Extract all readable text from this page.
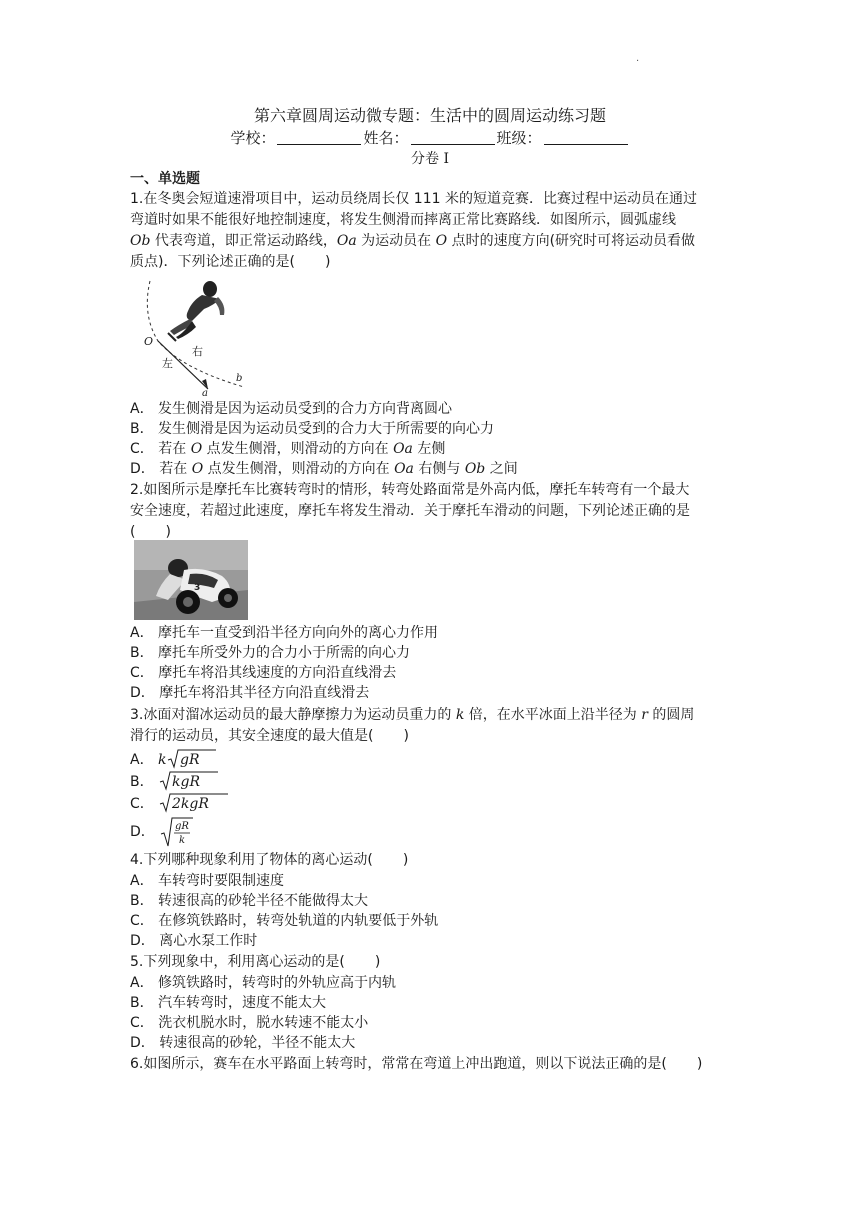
·
第六章圆周运动微专题：生活中的圆周运动练习题
学校：	姓名：	班级：
分卷 I
一、单选题
1.在冬奥会短道速滑项目中，运动员绕周长仅 111 米的短道竞赛．比赛过程中运动员在通过
弯道时如果不能很好地控制速度，将发生侧滑而摔离正常比赛路线．如图所示，圆弧虚线
Ob 代表弯道，即正常运动路线，Oa 为运动员在 O 点时的速度方向(研究时可将运动员看做
质点)．下列论述正确的是( )
O
左
右
a
b
A． 发生侧滑是因为运动员受到的合力方向背离圆心
B． 发生侧滑是因为运动员受到的合力大于所需要的向心力
C． 若在 O 点发生侧滑，则滑动的方向在 Oa 左侧
D． 若在 O 点发生侧滑，则滑动的方向在 Oa 右侧与 Ob 之间
2.如图所示是摩托车比赛转弯时的情形，转弯处路面常是外高内低，摩托车转弯有一个最大
安全速度，若超过此速度，摩托车将发生滑动．关于摩托车滑动的问题，下列论述正确的是
( )
3
A． 摩托车一直受到沿半径方向向外的离心力作用
B． 摩托车所受外力的合力小于所需的向心力
C． 摩托车将沿其线速度的方向沿直线滑去
D． 摩托车将沿其半径方向沿直线滑去
3.冰面对溜冰运动员的最大静摩擦力为运动员重力的 k 倍，在水平冰面上沿半径为 r 的圆周
滑行的运动员，其安全速度的最大值是( )
A． k gR
B． kgR
C． 2kgR
D． gR
k
4.下列哪种现象利用了物体的离心运动( )
A． 车转弯时要限制速度
B． 转速很高的砂轮半径不能做得太大
C． 在修筑铁路时，转弯处轨道的内轨要低于外轨
D． 离心水泵工作时
5.下列现象中，利用离心运动的是( )
A． 修筑铁路时，转弯时的外轨应高于内轨
B． 汽车转弯时，速度不能太大
C． 洗衣机脱水时，脱水转速不能太小
D． 转速很高的砂轮，半径不能太大
6.如图所示，赛车在水平路面上转弯时，常常在弯道上冲出跑道，则以下说法正确的是( )
